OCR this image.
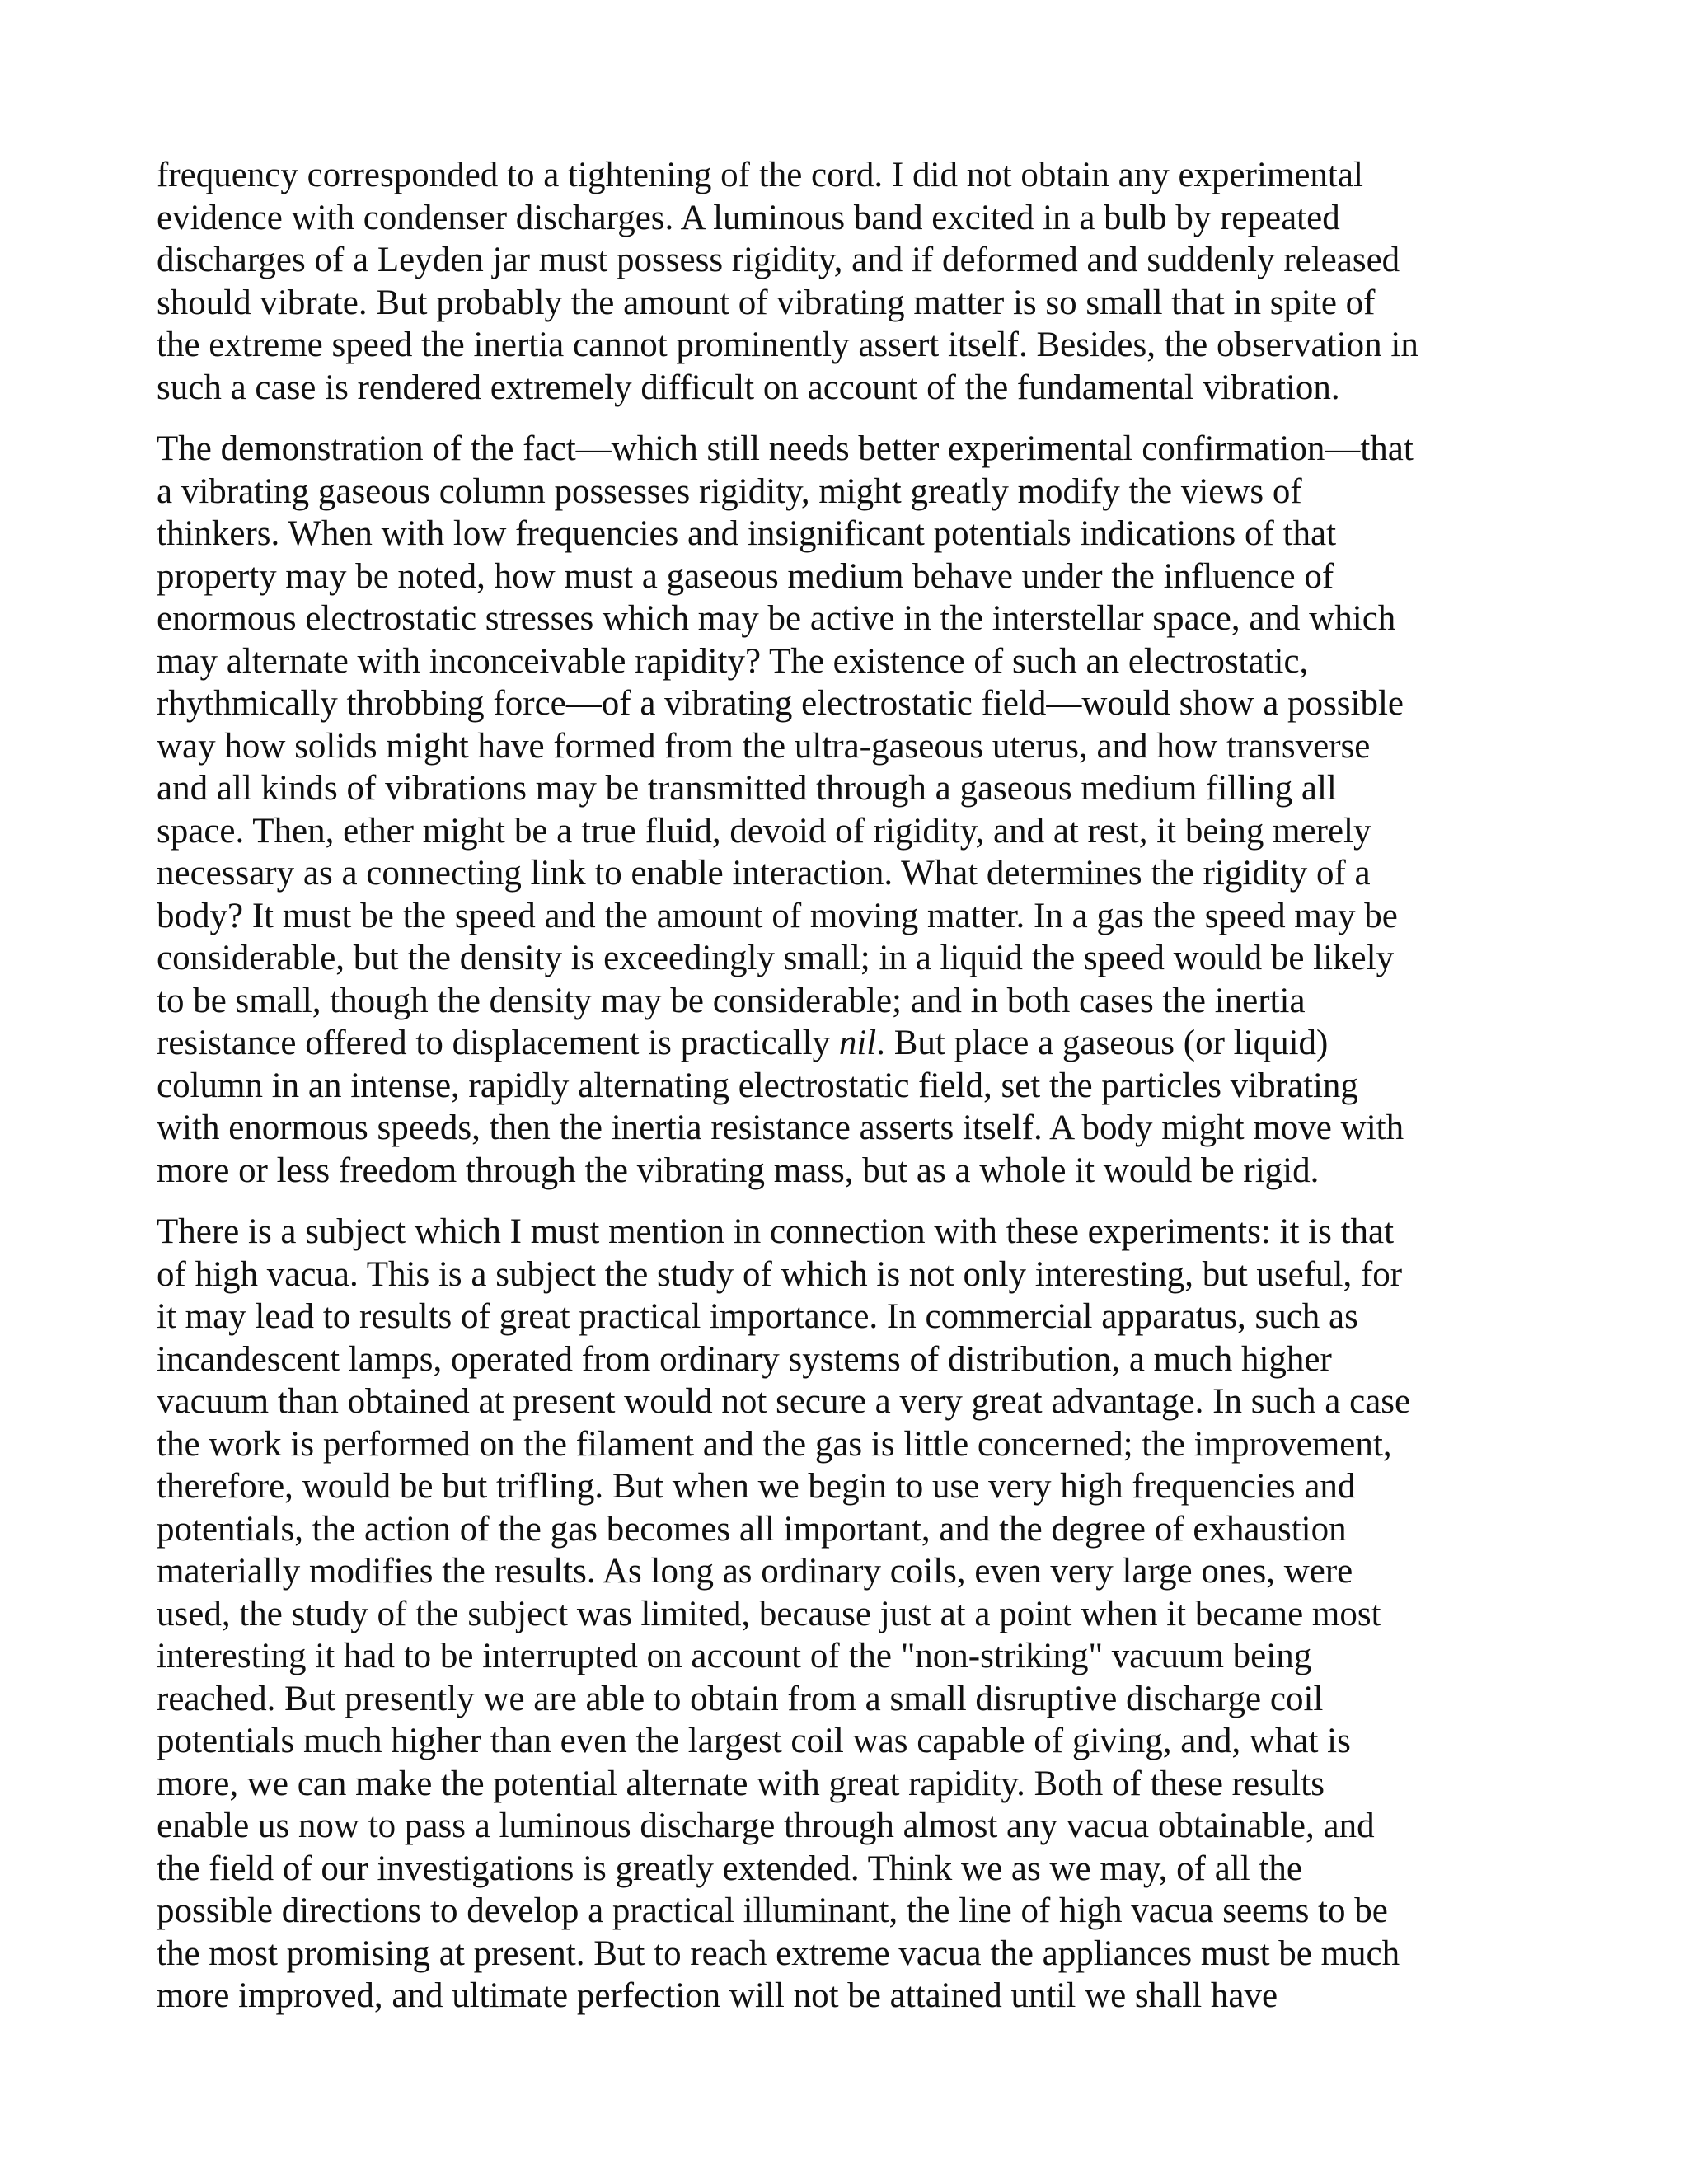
frequency corresponded to a tightening of the cord. I did not obtain any experimental
evidence with condenser discharges. A luminous band excited in a bulb by repeated
discharges of a Leyden jar must possess rigidity, and if deformed and suddenly released
should vibrate. But probably the amount of vibrating matter is so small that in spite of
the extreme speed the inertia cannot prominently assert itself. Besides, the observation in
such a case is rendered extremely difficult on account of the fundamental vibration.

The demonstration of the fact—which still needs better experimental confirmation—that
a vibrating gaseous column possesses rigidity, might greatly modify the views of
thinkers. When with low frequencies and insignificant potentials indications of that
property may be noted, how must a gaseous medium behave under the influence of
enormous electrostatic stresses which may be active in the interstellar space, and which
may alternate with inconceivable rapidity? The existence of such an electrostatic,
rhythmically throbbing force—of a vibrating electrostatic field—would show a possible
way how solids might have formed from the ultra-gaseous uterus, and how transverse
and all kinds of vibrations may be transmitted through a gaseous medium filling all
space. Then, ether might be a true fluid, devoid of rigidity, and at rest, it being merely
necessary as a connecting link to enable interaction. What determines the rigidity of a
body? It must be the speed and the amount of moving matter. In a gas the speed may be
considerable, but the density is exceedingly small; in a liquid the speed would be likely
to be small, though the density may be considerable; and in both cases the inertia
resistance offered to displacement is practically nil. But place a gaseous (or liquid)
column in an intense, rapidly alternating electrostatic field, set the particles vibrating
with enormous speeds, then the inertia resistance asserts itself. A body might move with
more or less freedom through the vibrating mass, but as a whole it would be rigid.

There is a subject which I must mention in connection with these experiments: it is that
of high vacua. This is a subject the study of which is not only interesting, but useful, for
it may lead to results of great practical importance. In commercial apparatus, such as
incandescent lamps, operated from ordinary systems of distribution, a much higher
vacuum than obtained at present would not secure a very great advantage. In such a case
the work is performed on the filament and the gas is little concerned; the improvement,
therefore, would be but trifling. But when we begin to use very high frequencies and
potentials, the action of the gas becomes all important, and the degree of exhaustion
materially modifies the results. As long as ordinary coils, even very large ones, were
used, the study of the subject was limited, because just at a point when it became most
interesting it had to be interrupted on account of the "non-striking" vacuum being
reached. But presently we are able to obtain from a small disruptive discharge coil
potentials much higher than even the largest coil was capable of giving, and, what is
more, we can make the potential alternate with great rapidity. Both of these results
enable us now to pass a luminous discharge through almost any vacua obtainable, and
the field of our investigations is greatly extended. Think we as we may, of all the
possible directions to develop a practical illuminant, the line of high vacua seems to be
the most promising at present. But to reach extreme vacua the appliances must be much
more improved, and ultimate perfection will not be attained until we shall have
